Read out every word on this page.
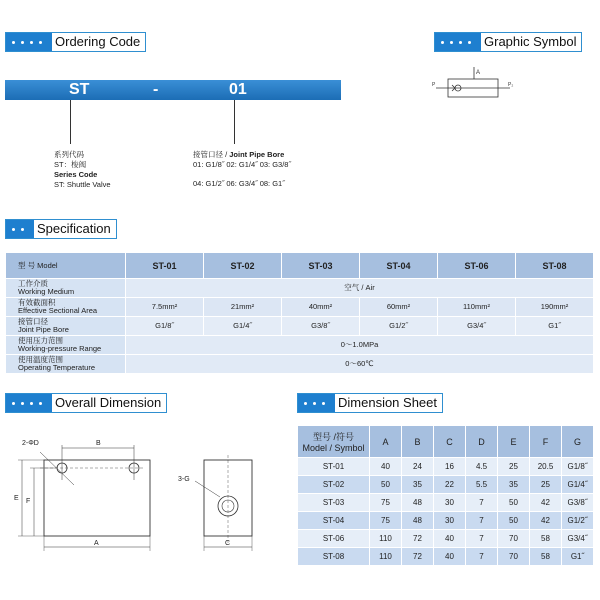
Ordering Code	Graphic Symbol
ST	-	01
系列代码
ST：梭阀
Series Code
ST: Shuttle Valve
接管口径 / Joint Pipe Bore
01: G1/8˝ 02: G1/4˝ 03: G3/8˝
04: G1/2˝ 06: G3/4˝ 08: G1˝
A
P	P₂
Specification
型 号 Model	ST-01	ST-02	ST-03	ST-04	ST-06	ST-08

工作介质
Working Medium	空气 / Air					

有效截面积
Effective Sectional Area	7.5mm²	21mm²	40mm²	60mm²	110mm²	190mm²

接管口径
Joint Pipe Bore	G1/8˝	G1/4˝	G3/8˝	G1/2˝	G3/4˝	G1˝

使用压力范围
Working-pressure Range	0～1.0MPa					

使用温度范围
Operating Temperature	0～60℃					
Overall Dimension	Dimension Sheet
B
2-ΦD
E F
A
3-G
C
型号 /符号
Model / Symbol	A	B	C	D	E	F	G
ST-01	40	24	16	4.5	25	20.5	G1/8˝
ST-02	50	35	22	5.5	35	25	G1/4˝
ST-03	75	48	30	7	50	42	G3/8˝
ST-04	75	48	30	7	50	42	G1/2˝
ST-06	110	72	40	7	70	58	G3/4˝
ST-08	110	72	40	7	70	58	G1˝
